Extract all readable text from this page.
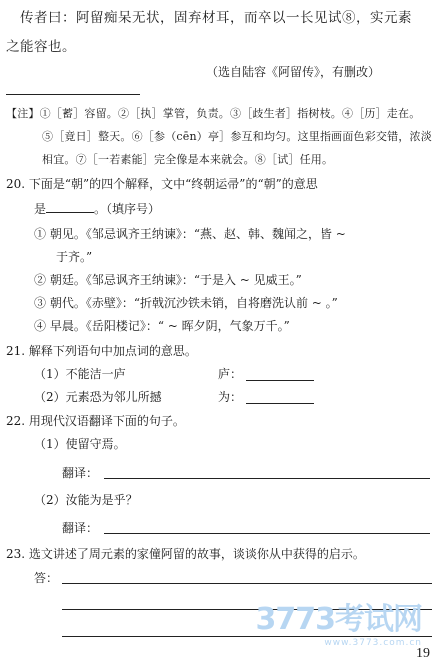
传者曰：阿留痴呆无状，固弃材耳，而卒以一长见试⑧，实元素
之能容也。
（选自陆容《阿留传》，有删改）
【注】①［蓄］容留。②［执］掌管，负责。③［歧生者］指树枝。④［历］走在。
⑤［竟日］整天。⑥［参（cēn）亭］参互和均匀。这里指画面色彩交错，浓淡
相宜。⑦［一若素能］完全像是本来就会。⑧［试］任用。
20. 下面是“朝”的四个解释，文中“终朝运帚”的“朝”的意思
是	。（填序号）
① 朝见。《邹忌讽齐王纳谏》：“燕、赵、韩、魏闻之，皆 ~
于齐。”
② 朝廷。《邹忌讽齐王纳谏》：“于是入 ~ 见威王。”
③ 朝代。《赤壁》：“折戟沉沙铁未销，自将磨洗认前 ~ 。”
④ 早晨。《岳阳楼记》：“ ~ 晖夕阴，气象万千。”
21. 解释下列语句中加点词的意思。
（1）不能洁一庐	庐：
（2）元素恐为邻儿所撼	为：
22. 用现代汉语翻译下面的句子。
（1）使留守焉。
翻译：
（2）汝能为是乎？
翻译：
23. 选文讲述了周元素的家僮阿留的故事，谈谈你从中获得的启示。
答：
3773考试网
www.3773.com.cn
19
